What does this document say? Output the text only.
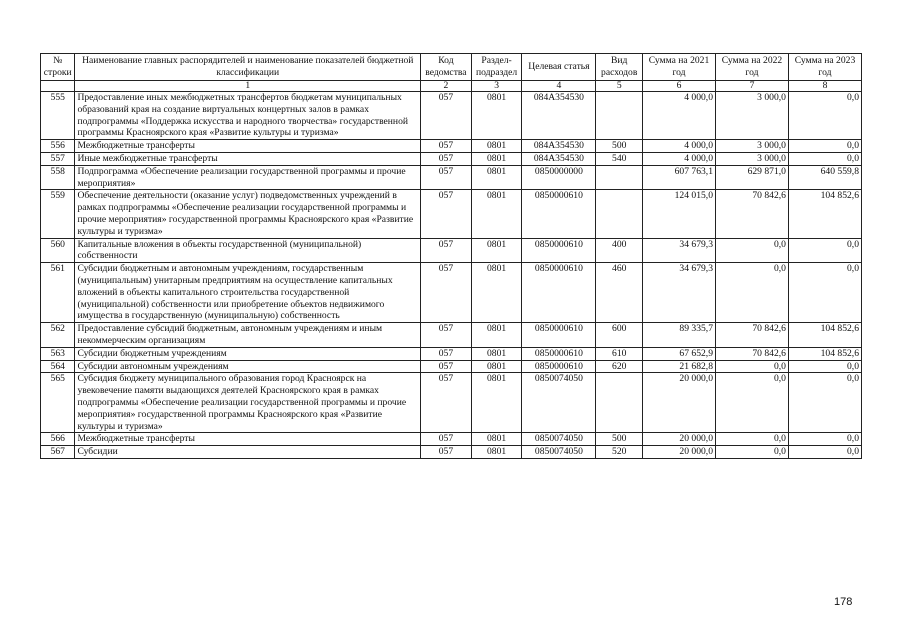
№ строки	Наименование главных распорядителей и наименование показателей бюджетной классификации	Код ведомства	Раздел-подраздел	Целевая статья	Вид расходов	Сумма на 2021 год	Сумма на 2022 год	Сумма на 2023 год
	1	2	3	4	5	6	7	8
555	Предоставление иных межбюджетных трансфертов бюджетам муниципальных образований края на создание виртуальных концертных залов в рамках подпрограммы «Поддержка искусства и народного творчества» государственной программы Красноярского края «Развитие культуры и туризма»	057	0801	084A354530		4 000,0	3 000,0	0,0
556	Межбюджетные трансферты	057	0801	084A354530	500	4 000,0	3 000,0	0,0
557	Иные межбюджетные трансферты	057	0801	084A354530	540	4 000,0	3 000,0	0,0
558	Подпрограмма «Обеспечение реализации государственной программы и прочие мероприятия»	057	0801	0850000000		607 763,1	629 871,0	640 559,8
559	Обеспечение деятельности (оказание услуг) подведомственных учреждений в рамках подпрограммы «Обеспечение реализации государственной программы и прочие мероприятия» государственной программы Красноярского края «Развитие культуры и туризма»	057	0801	0850000610		124 015,0	70 842,6	104 852,6
560	Капитальные вложения в объекты государственной (муниципальной) собственности	057	0801	0850000610	400	34 679,3	0,0	0,0
561	Субсидии бюджетным и автономным учреждениям, государственным (муниципальным) унитарным предприятиям на осуществление капитальных вложений в объекты капитального строительства государственной (муниципальной) собственности или приобретение объектов недвижимого имущества в государственную (муниципальную) собственность	057	0801	0850000610	460	34 679,3	0,0	0,0
562	Предоставление субсидий бюджетным, автономным учреждениям и иным некоммерческим организациям	057	0801	0850000610	600	89 335,7	70 842,6	104 852,6
563	Субсидии бюджетным учреждениям	057	0801	0850000610	610	67 652,9	70 842,6	104 852,6
564	Субсидии автономным учреждениям	057	0801	0850000610	620	21 682,8	0,0	0,0
565	Субсидия бюджету муниципального образования город Красноярск на увековечение памяти выдающихся деятелей Красноярского края в рамках подпрограммы «Обеспечение реализации государственной программы и прочие мероприятия» государственной программы Красноярского края «Развитие культуры и туризма»	057	0801	0850074050		20 000,0	0,0	0,0
566	Межбюджетные трансферты	057	0801	0850074050	500	20 000,0	0,0	0,0
567	Субсидии	057	0801	0850074050	520	20 000,0	0,0	0,0
178
